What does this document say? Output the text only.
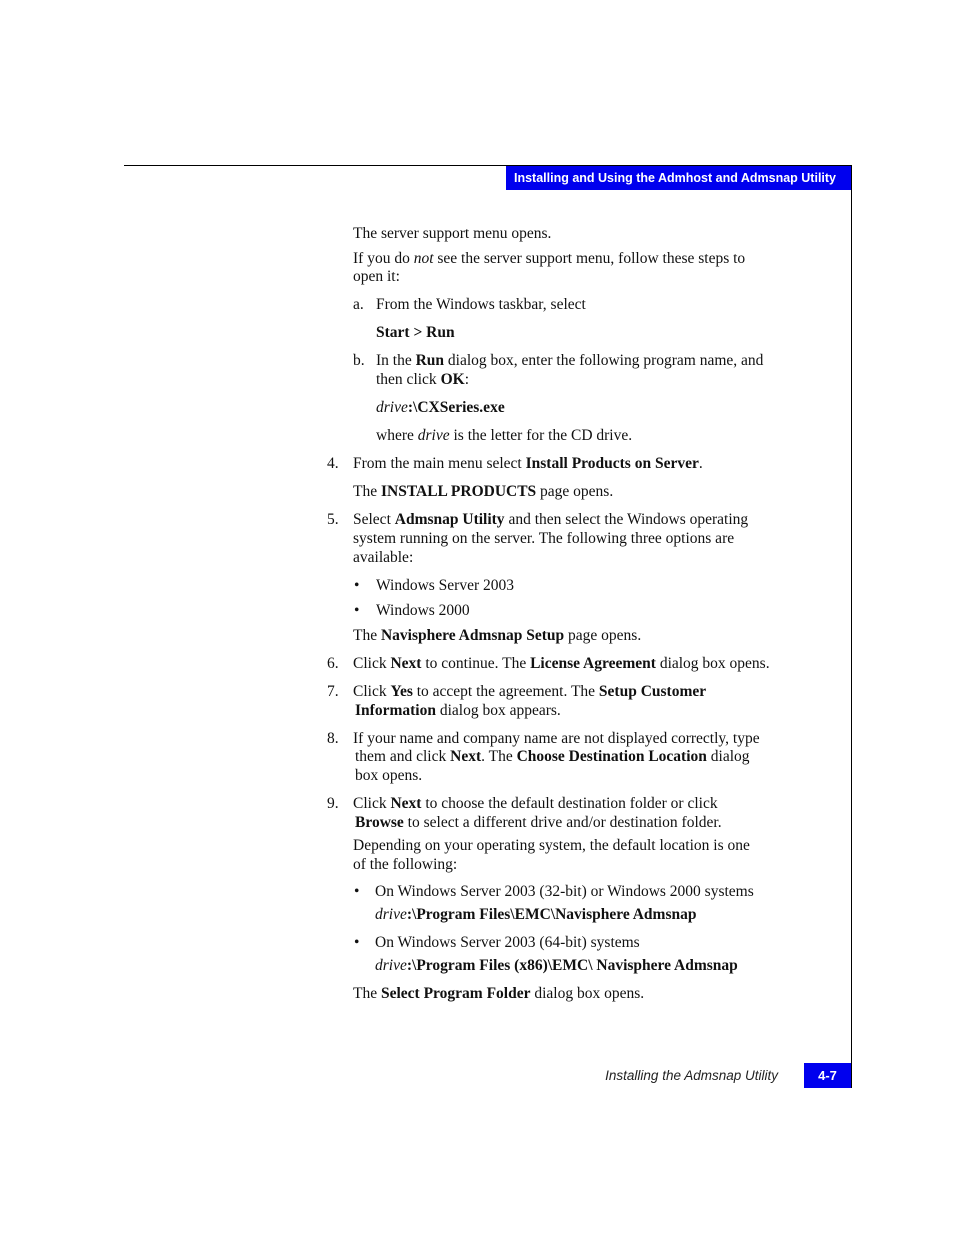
Installing and Using the Admhost and Admsnap Utility
The server support menu opens.
If you do not see the server support menu, follow these steps to
open it:
a. From the Windows taskbar, select
Start > Run
b. In the Run dialog box, enter the following program name, and
then click OK:
drive:\CXSeries.exe
where drive is the letter for the CD drive.
4. From the main menu select Install Products on Server.
The INSTALL PRODUCTS page opens.
5. Select Admsnap Utility and then select the Windows operating
system running on the server. The following three options are
available:
• Windows Server 2003
• Windows 2000
The Navisphere Admsnap Setup page opens.
6. Click Next to continue. The License Agreement dialog box opens.
7. Click Yes to accept the agreement. The Setup Customer
Information dialog box appears.
8. If your name and company name are not displayed correctly, type
them and click Next. The Choose Destination Location dialog
box opens.
9. Click Next to choose the default destination folder or click
Browse to select a different drive and/or destination folder.
Depending on your operating system, the default location is one
of the following:
• On Windows Server 2003 (32-bit) or Windows 2000 systems
drive:\Program Files\EMC\Navisphere Admsnap
• On Windows Server 2003 (64-bit) systems
drive:\Program Files (x86)\EMC\ Navisphere Admsnap
The Select Program Folder dialog box opens.
Installing the Admsnap Utility	4-7
